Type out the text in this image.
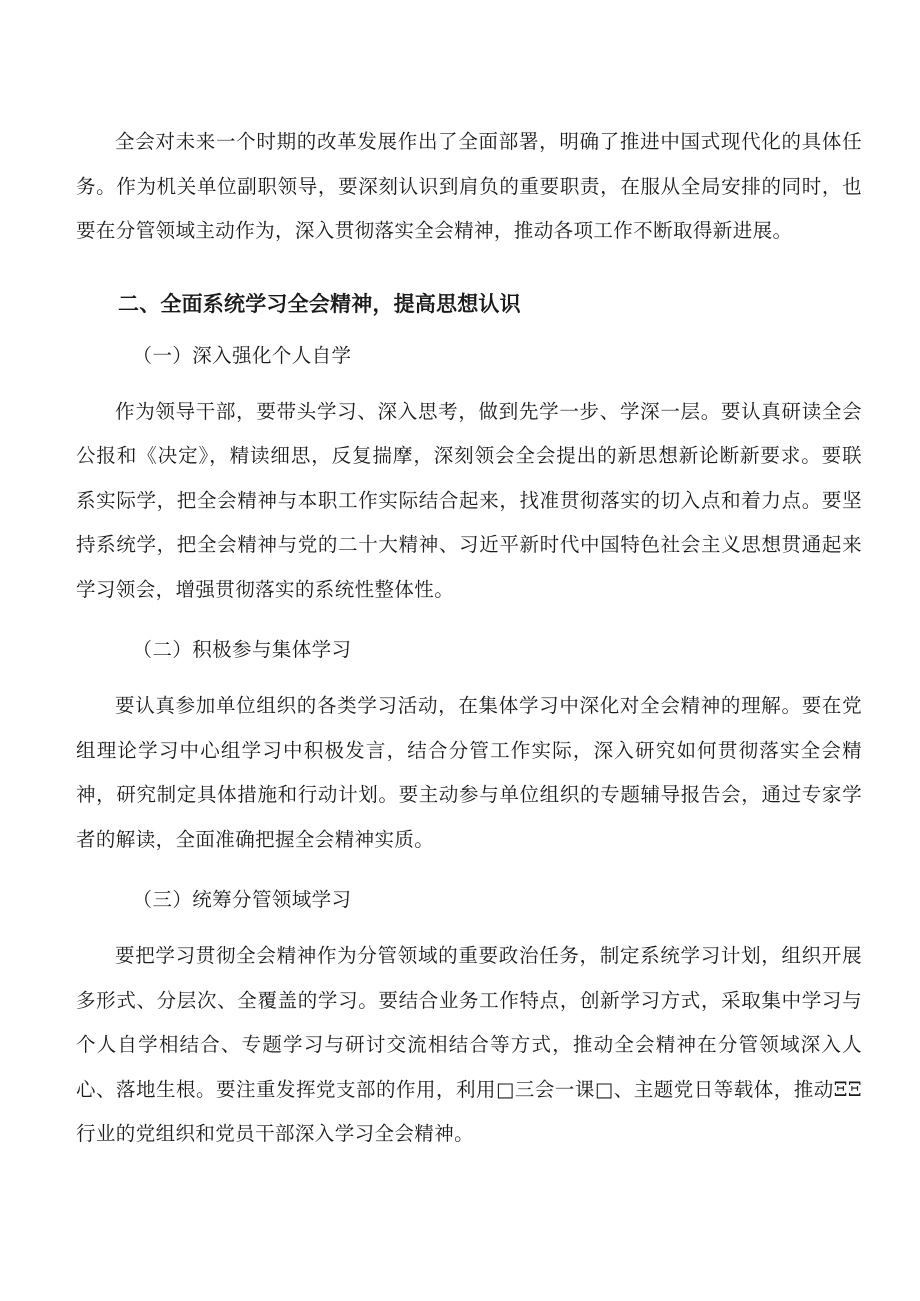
全会对未来一个时期的改革发展作出了全面部署，明确了推进中国式现代化的具体任务。作为机关单位副职领导，要深刻认识到肩负的重要职责，在服从全局安排的同时，也要在分管领域主动作为，深入贯彻落实全会精神，推动各项工作不断取得新进展。

二、全面系统学习全会精神，提高思想认识

（一）深入强化个人自学

作为领导干部，要带头学习、深入思考，做到先学一步、学深一层。要认真研读全会公报和《决定》，精读细思，反复揣摩，深刻领会全会提出的新思想新论断新要求。要联系实际学，把全会精神与本职工作实际结合起来，找准贯彻落实的切入点和着力点。要坚持系统学，把全会精神与党的二十大精神、习近平新时代中国特色社会主义思想贯通起来学习领会，增强贯彻落实的系统性整体性。

（二）积极参与集体学习

要认真参加单位组织的各类学习活动，在集体学习中深化对全会精神的理解。要在党组理论学习中心组学习中积极发言，结合分管工作实际，深入研究如何贯彻落实全会精神，研究制定具体措施和行动计划。要主动参与单位组织的专题辅导报告会，通过专家学者的解读，全面准确把握全会精神实质。

（三）统筹分管领域学习

要把学习贯彻全会精神作为分管领域的重要政治任务，制定系统学习计划，组织开展多形式、分层次、全覆盖的学习。要结合业务工作特点，创新学习方式，采取集中学习与个人自学相结合、专题学习与研讨交流相结合等方式，推动全会精神在分管领域深入人心、落地生根。要注重发挥党支部的作用，利用□三会一课□、主题党日等载体，推动ΞΞ行业的党组织和党员干部深入学习全会精神。
